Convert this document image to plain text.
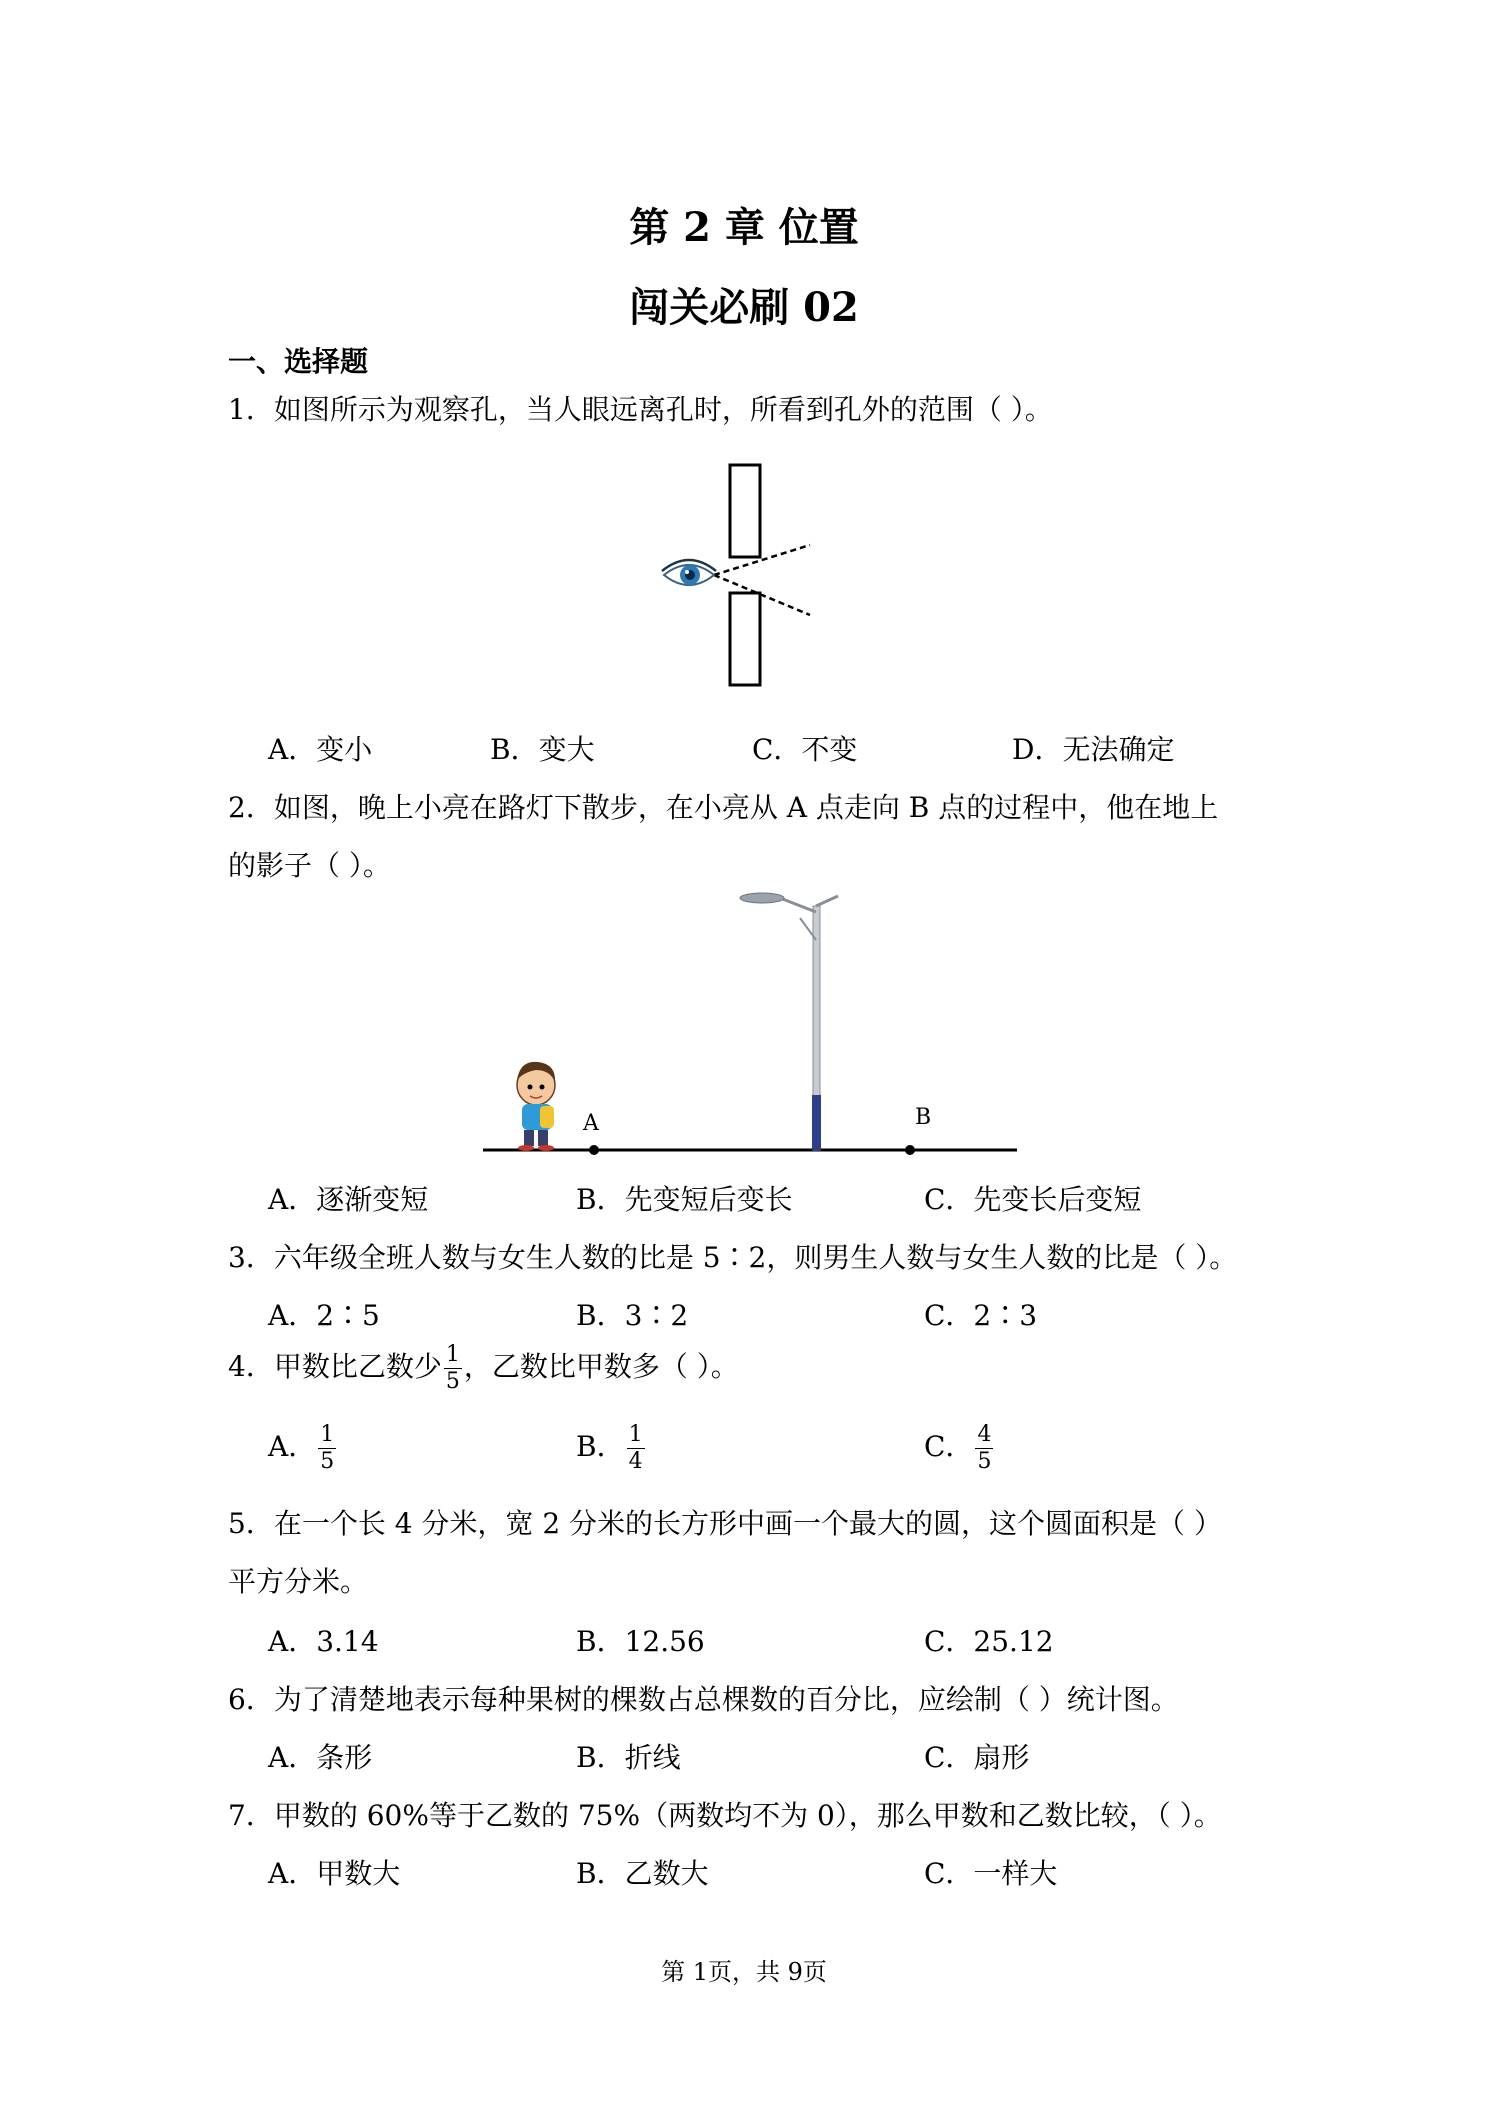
第 2 章 位置
闯关必刷 02
一、选择题
1．如图所示为观察孔，当人眼远离孔时，所看到孔外的范围（ ）。
A．变小	B．变大	C．不变	D．无法确定
2．如图，晚上小亮在路灯下散步，在小亮从 A 点走向 B 点的过程中，他在地上
的影子（ ）。
A	B
A．逐渐变短	B．先变短后变长	C．先变长后变短
3．六年级全班人数与女生人数的比是 5∶2，则男生人数与女生人数的比是（ ）。
A．2∶5	B．3∶2	C．2∶3
4．甲数比乙数少 $\frac{1}{5}$ ，乙数比甲数多（ ）。
A． $\frac{1}{5}$	B． $\frac{1}{4}$	C． $\frac{4}{5}$
5．在一个长 4 分米，宽 2 分米的长方形中画一个最大的圆，这个圆面积是（ ）
平方分米。
A．3.14	B．12.56	C．25.12
6．为了清楚地表示每种果树的棵数占总棵数的百分比，应绘制（ ）统计图。
A．条形	B．折线	C．扇形
7．甲数的 60%等于乙数的 75%（两数均不为 0），那么甲数和乙数比较，（ ）。
A．甲数大	B．乙数大	C．一样大
第 1页，共 9页
